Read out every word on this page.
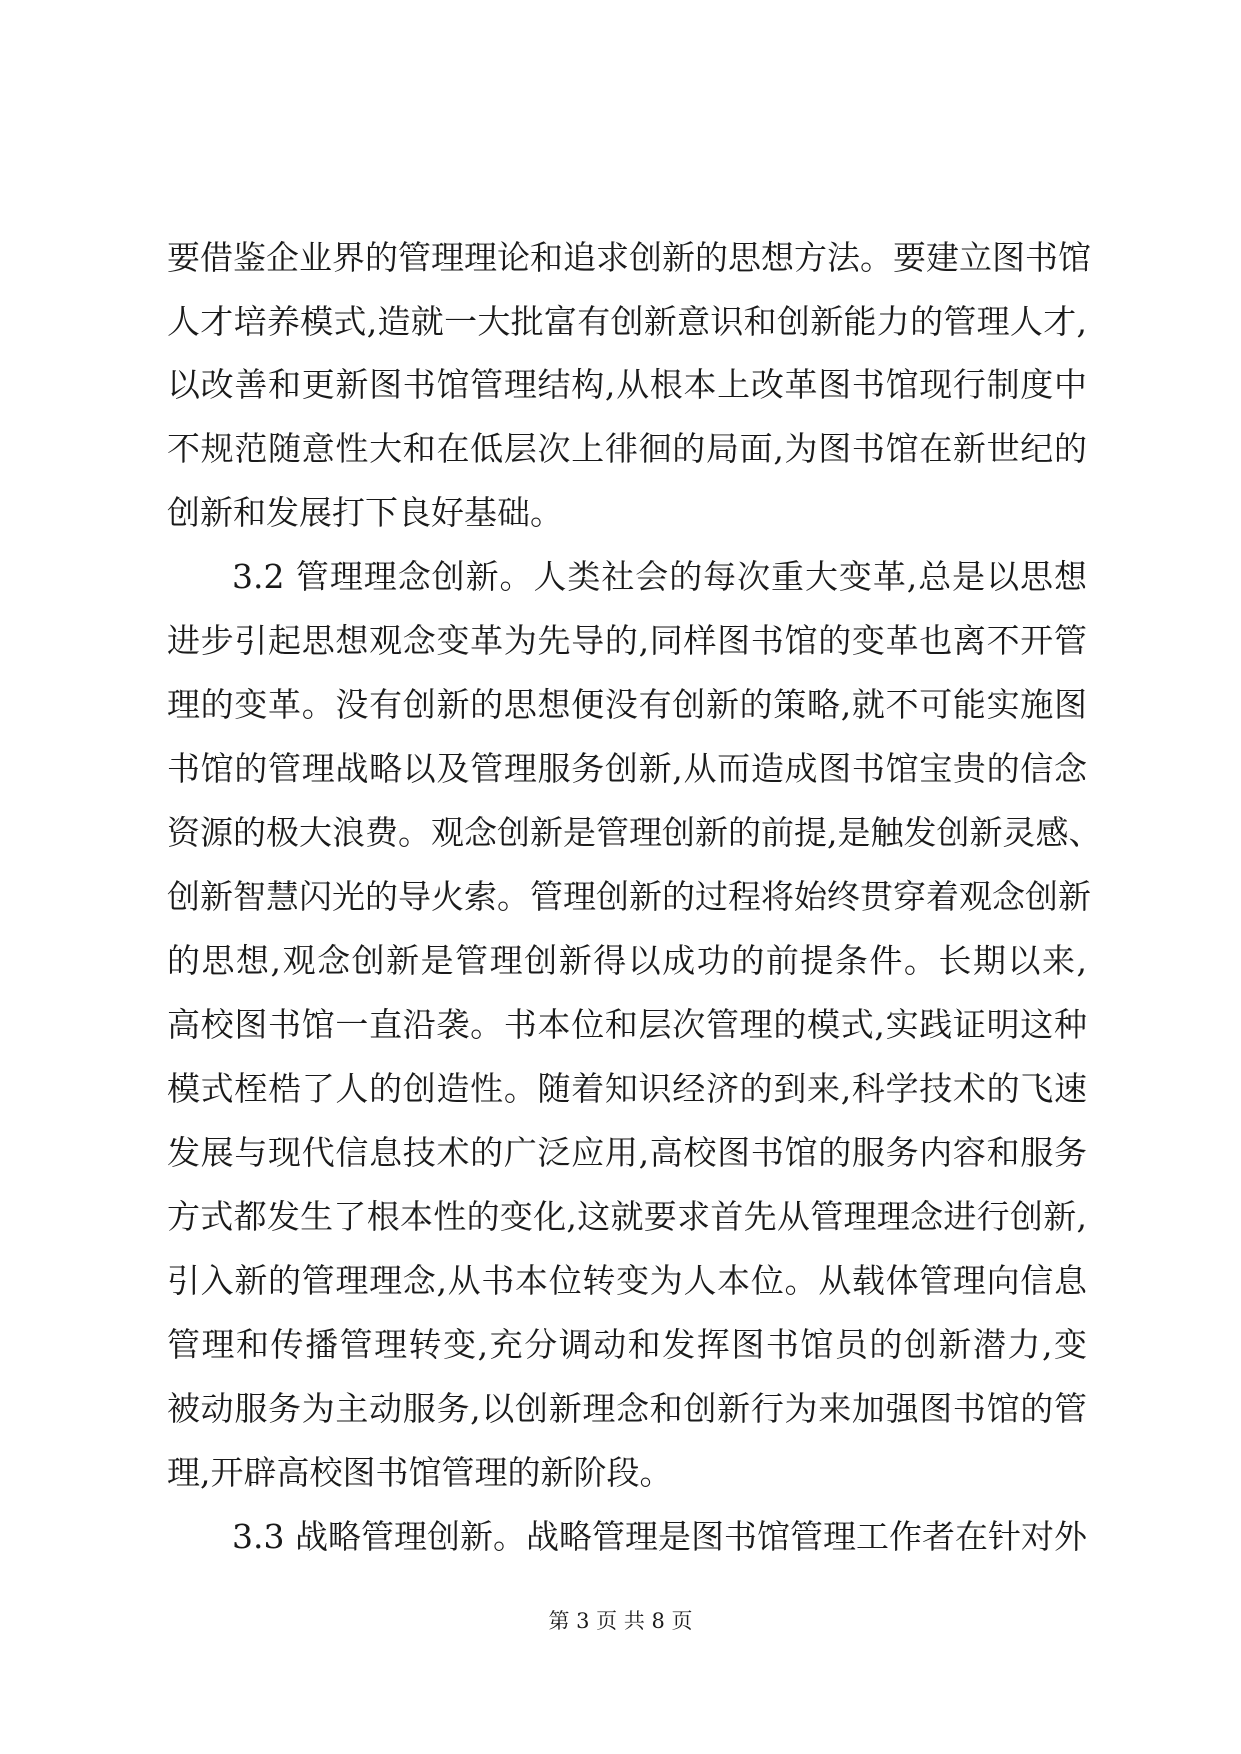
要借鉴企业界的管理理论和追求创新的思想方法。要建立图书馆
人才培养模式,造就一大批富有创新意识和创新能力的管理人才,
以改善和更新图书馆管理结构,从根本上改革图书馆现行制度中
不规范随意性大和在低层次上徘徊的局面,为图书馆在新世纪的
创新和发展打下良好基础。
3.2 管理理念创新。人类社会的每次重大变革,总是以思想
进步引起思想观念变革为先导的,同样图书馆的变革也离不开管
理的变革。没有创新的思想便没有创新的策略,就不可能实施图
书馆的管理战略以及管理服务创新,从而造成图书馆宝贵的信念
资源的极大浪费。观念创新是管理创新的前提,是触发创新灵感、
创新智慧闪光的导火索。管理创新的过程将始终贯穿着观念创新
的思想,观念创新是管理创新得以成功的前提条件。长期以来,
高校图书馆一直沿袭。书本位和层次管理的模式,实践证明这种
模式桎梏了人的创造性。随着知识经济的到来,科学技术的飞速
发展与现代信息技术的广泛应用,高校图书馆的服务内容和服务
方式都发生了根本性的变化,这就要求首先从管理理念进行创新,
引入新的管理理念,从书本位转变为人本位。从载体管理向信息
管理和传播管理转变,充分调动和发挥图书馆员的创新潜力,变
被动服务为主动服务,以创新理念和创新行为来加强图书馆的管
理,开辟高校图书馆管理的新阶段。
3.3 战略管理创新。战略管理是图书馆管理工作者在针对外
第 3 页 共 8 页
